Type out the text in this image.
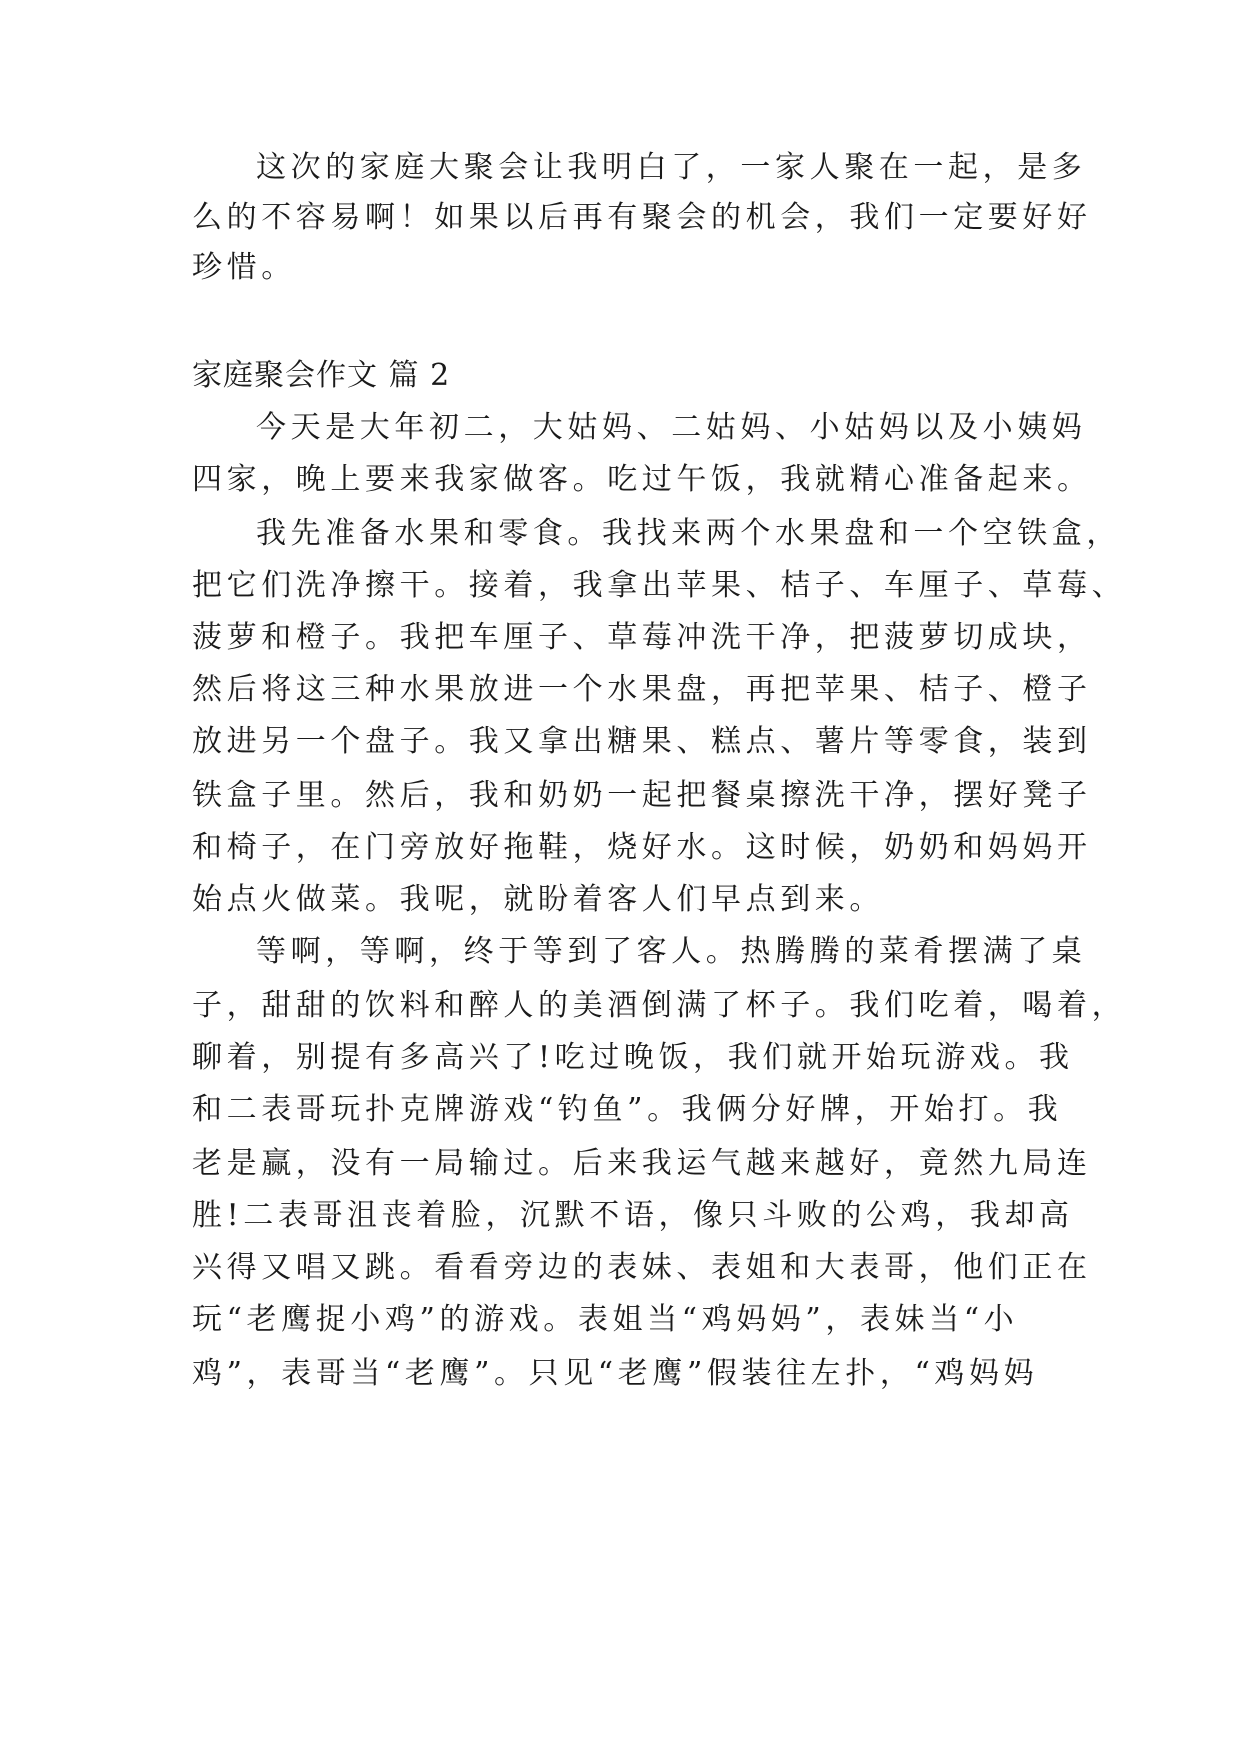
这次的家庭大聚会让我明白了，一家人聚在一起，是多
么的不容易啊！如果以后再有聚会的机会，我们一定要好好
珍惜。
家庭聚会作文 篇 2
今天是大年初二，大姑妈、二姑妈、小姑妈以及小姨妈
四家，晚上要来我家做客。吃过午饭，我就精心准备起来。
我先准备水果和零食。我找来两个水果盘和一个空铁盒，
把它们洗净擦干。接着，我拿出苹果、桔子、车厘子、草莓、
菠萝和橙子。我把车厘子、草莓冲洗干净，把菠萝切成块，
然后将这三种水果放进一个水果盘，再把苹果、桔子、橙子
放进另一个盘子。我又拿出糖果、糕点、薯片等零食，装到
铁盒子里。然后，我和奶奶一起把餐桌擦洗干净，摆好凳子
和椅子，在门旁放好拖鞋，烧好水。这时候，奶奶和妈妈开
始点火做菜。我呢，就盼着客人们早点到来。
等啊，等啊，终于等到了客人。热腾腾的菜肴摆满了桌
子，甜甜的饮料和醉人的美酒倒满了杯子。我们吃着，喝着，
聊着，别提有多高兴了!吃过晚饭，我们就开始玩游戏。我
和二表哥玩扑克牌游戏“钓鱼”。我俩分好牌，开始打。我
老是赢，没有一局输过。后来我运气越来越好，竟然九局连
胜!二表哥沮丧着脸，沉默不语，像只斗败的公鸡，我却高
兴得又唱又跳。看看旁边的表妹、表姐和大表哥，他们正在
玩“老鹰捉小鸡”的游戏。表姐当“鸡妈妈”，表妹当“小
鸡”，表哥当“老鹰”。只见“老鹰”假装往左扑，“鸡妈妈
